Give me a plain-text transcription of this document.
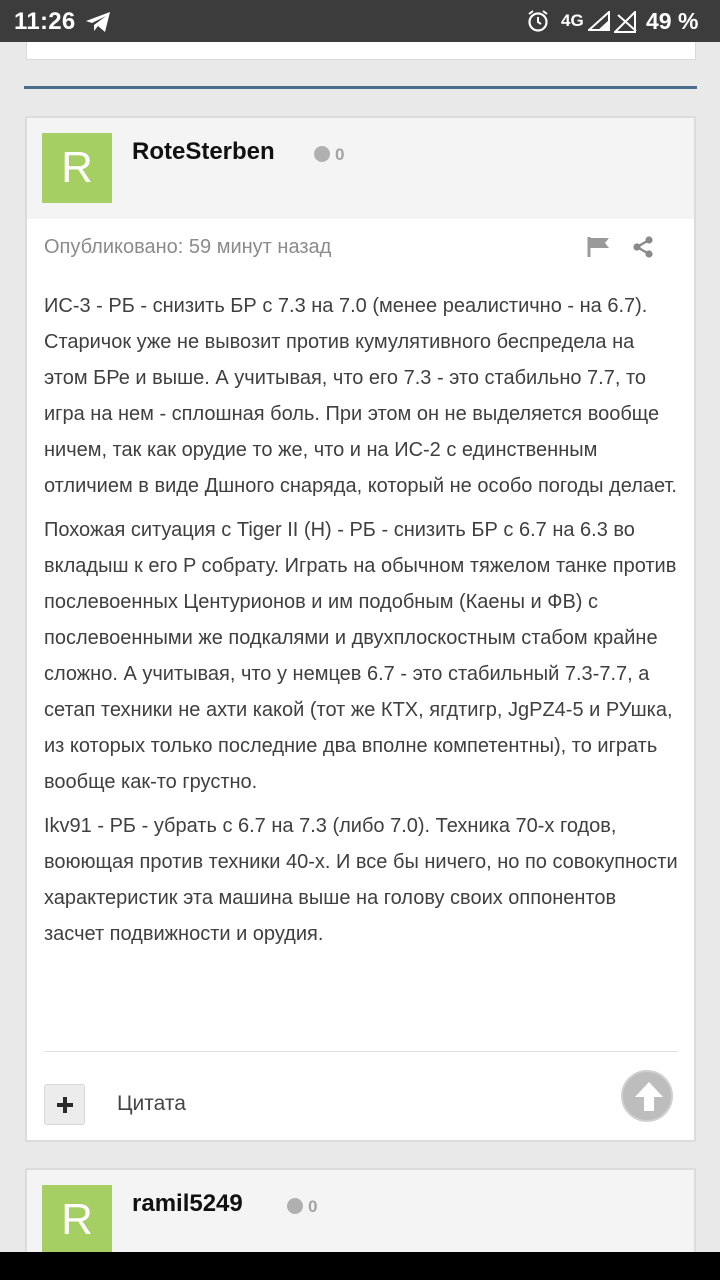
11:26	4G	49 %
R	RoteSterben	0
Опубликовано: 59 минут назад

ИС-3 - РБ - снизить БР с 7.3 на 7.0 (менее реалистично - на 6.7). Старичок уже не вывозит против кумулятивного беспредела на этом БРе и выше. А учитывая, что его 7.3 - это стабильно 7.7, то игра на нем - сплошная боль. При этом он не выделяется вообще ничем, так как орудие то же, что и на ИС-2 с единственным отличием в виде Дшного снаряда, который не особо погоды делает.

Похожая ситуация с Tiger II (H) - РБ - снизить БР с 6.7 на 6.3 во вкладыш к его P собрату. Играть на обычном тяжелом танке против послевоенных Центурионов и им подобным (Каены и ФВ) с послевоенными же подкалями и двухплоскостным стабом крайне сложно. А учитывая, что у немцев 6.7 - это стабильный 7.3-7.7, а сетап техники не ахти какой (тот же КТХ, ягдтигр, JgPZ4-5 и РУшка, из которых только последние два вполне компетентны), то играть вообще как-то грустно.

Ikv91 - РБ - убрать с 6.7 на 7.3 (либо 7.0). Техника 70-х годов, воюющая против техники 40-х. И все бы ничего, но по совокупности характеристик эта машина выше на голову своих оппонентов засчет подвижности и орудия.

Цитата
R	ramil5249	0
